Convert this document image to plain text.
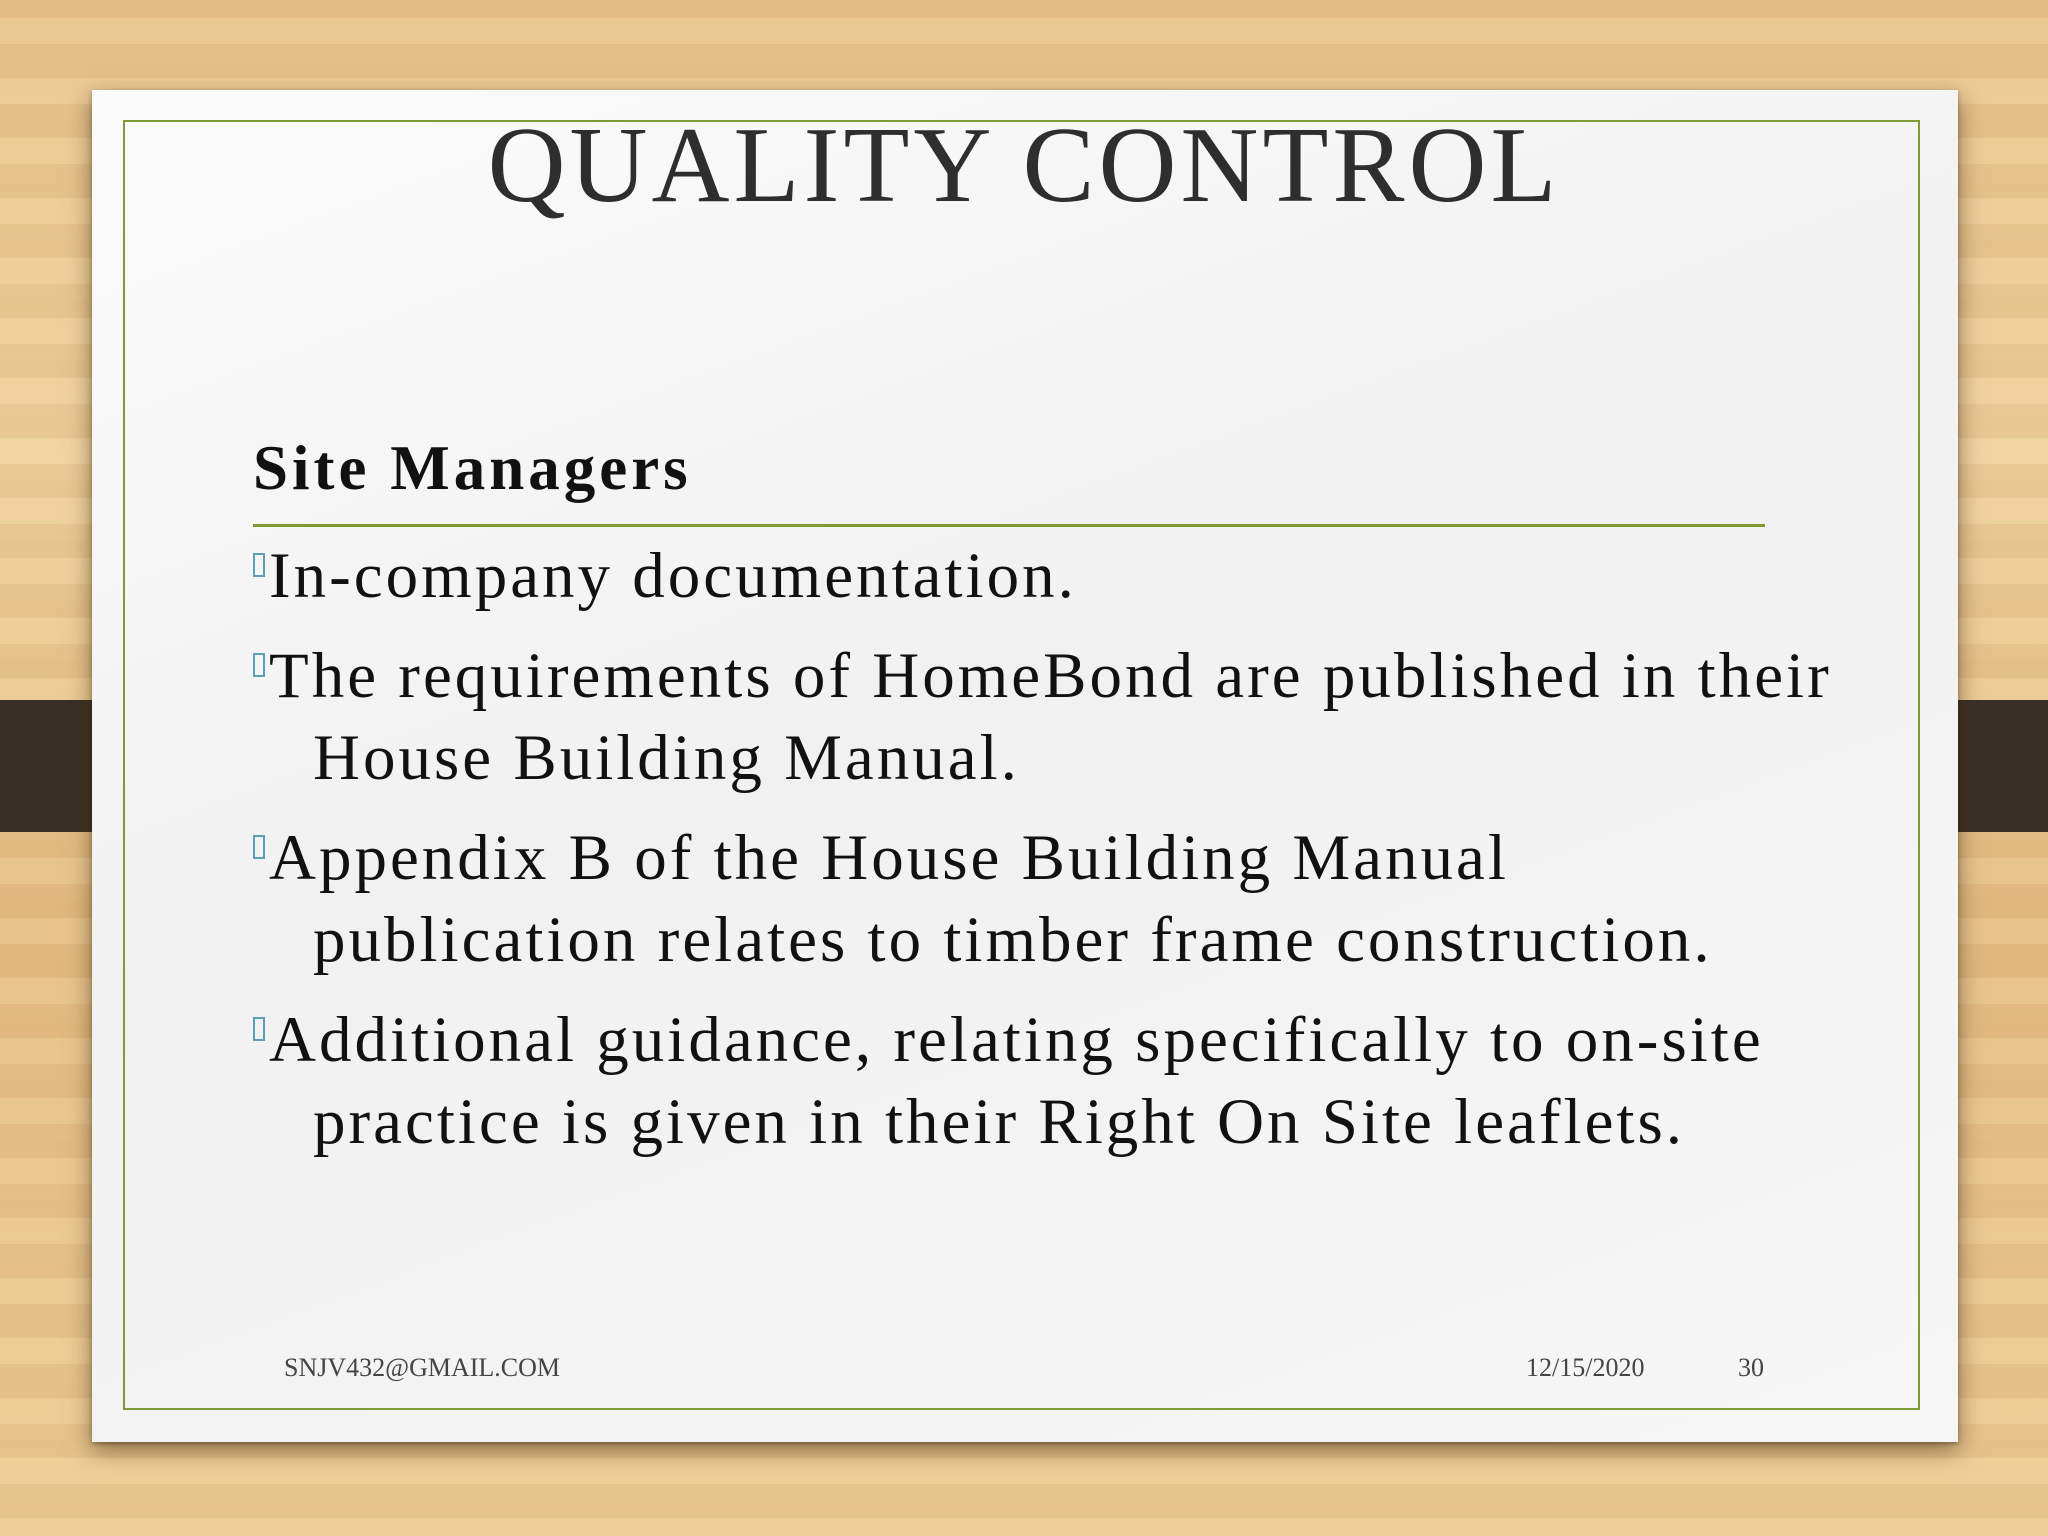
QUALITY CONTROL
Site Managers
In-company documentation.
The requirements of HomeBond are published in their House Building Manual.
Appendix B of the House Building Manual publication relates to timber frame construction.
Additional guidance, relating specifically to on-site practice is given in their Right On Site leaflets.
SNJV432@GMAIL.COM	12/15/2020	30
